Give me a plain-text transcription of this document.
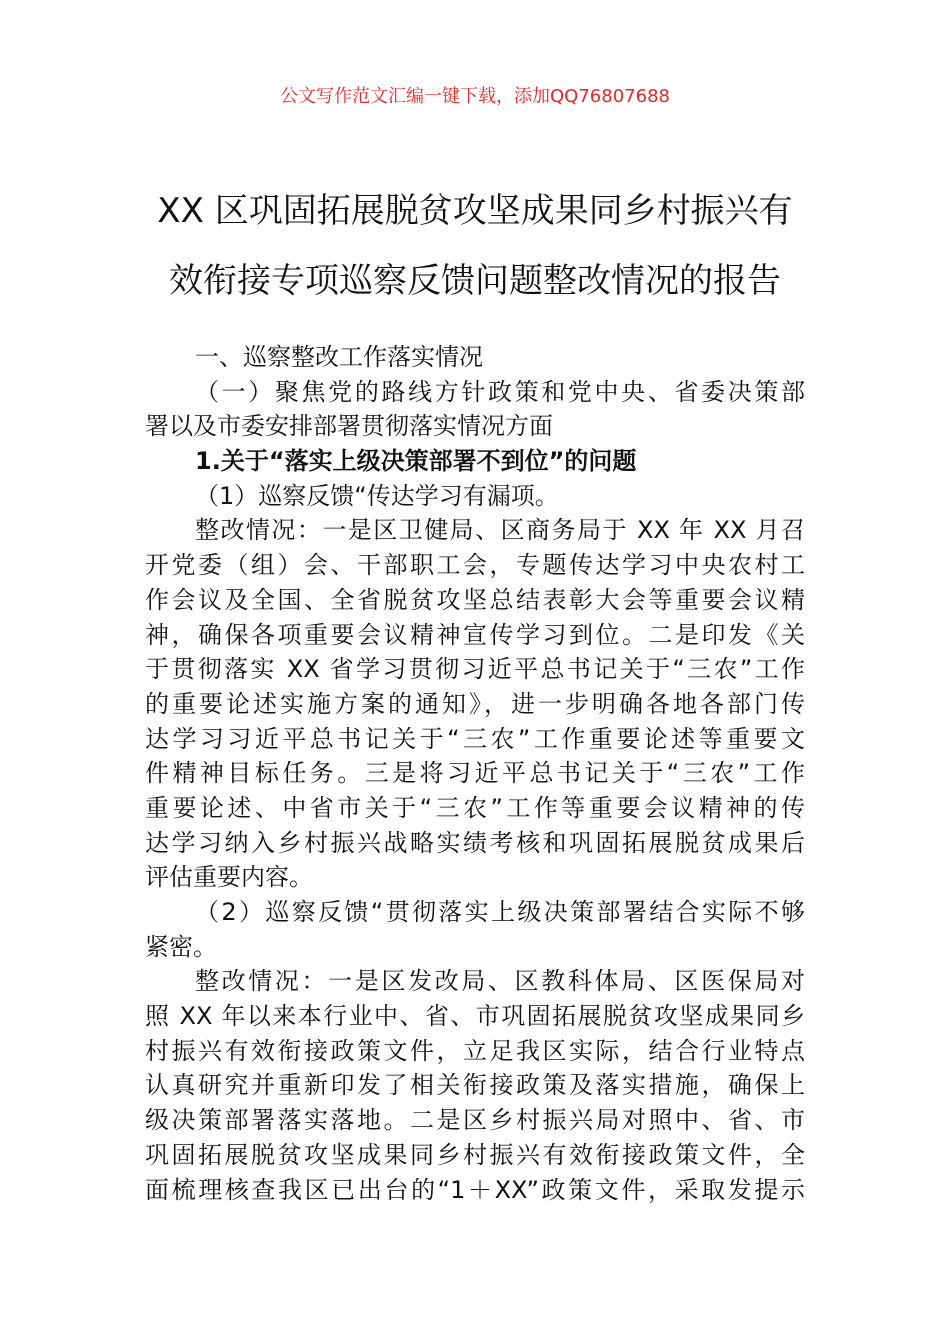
公文写作范文汇编一键下载，添加QQ76807688
XX 区巩固拓展脱贫攻坚成果同乡村振兴有
效衔接专项巡察反馈问题整改情况的报告
一、巡察整改工作落实情况
（一）聚焦党的路线方针政策和党中央、省委决策部
署以及市委安排部署贯彻落实情况方面
1.关于“落实上级决策部署不到位”的问题
（1）巡察反馈“传达学习有漏项。
整改情况：一是区卫健局、区商务局于 XX 年 XX 月召
开党委（组）会、干部职工会，专题传达学习中央农村工
作会议及全国、全省脱贫攻坚总结表彰大会等重要会议精
神，确保各项重要会议精神宣传学习到位。二是印发《关
于贯彻落实 XX 省学习贯彻习近平总书记关于“三农”工作
的重要论述实施方案的通知》，进一步明确各地各部门传
达学习习近平总书记关于“三农”工作重要论述等重要文
件精神目标任务。三是将习近平总书记关于“三农”工作
重要论述、中省市关于“三农”工作等重要会议精神的传
达学习纳入乡村振兴战略实绩考核和巩固拓展脱贫成果后
评估重要内容。
（2）巡察反馈“贯彻落实上级决策部署结合实际不够
紧密。
整改情况：一是区发改局、区教科体局、区医保局对
照 XX 年以来本行业中、省、市巩固拓展脱贫攻坚成果同乡
村振兴有效衔接政策文件，立足我区实际，结合行业特点
认真研究并重新印发了相关衔接政策及落实措施，确保上
级决策部署落实落地。二是区乡村振兴局对照中、省、市
巩固拓展脱贫攻坚成果同乡村振兴有效衔接政策文件，全
面梳理核查我区已出台的“1＋XX”政策文件，采取发提示
